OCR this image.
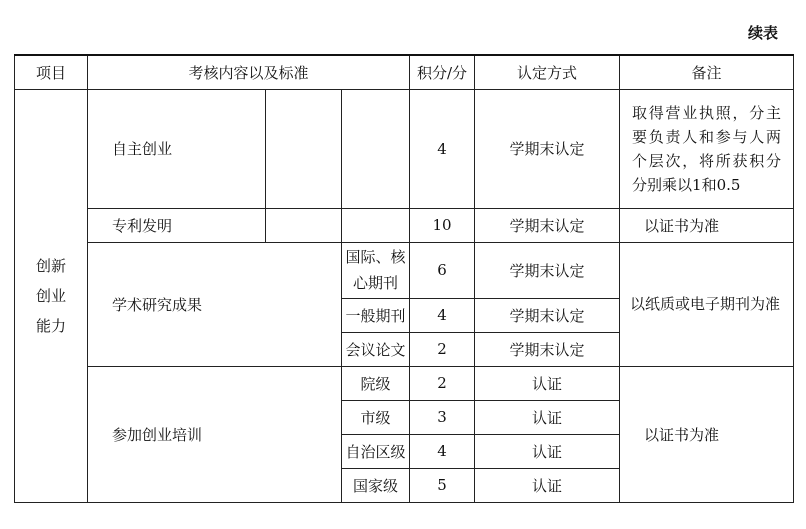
续表
项目	考核内容以及标准			积分/分	认定方式	备注
创新
创业
能力	自主创业			4	学期末认定	取得营业执照，分主要负责人和参与人两个层次，将所获积分分别乘以1和0.5
	专利发明			10	学期末认定	以证书为准
	学术研究成果		国际、核心期刊	6	学期末认定	以纸质或电子期刊为准
			一般期刊	4	学期末认定	
			会议论文	2	学期末认定	
	参加创业培训		院级	2	认证	以证书为准
			市级	3	认证	
			自治区级	4	认证	
			国家级	5	认证	
